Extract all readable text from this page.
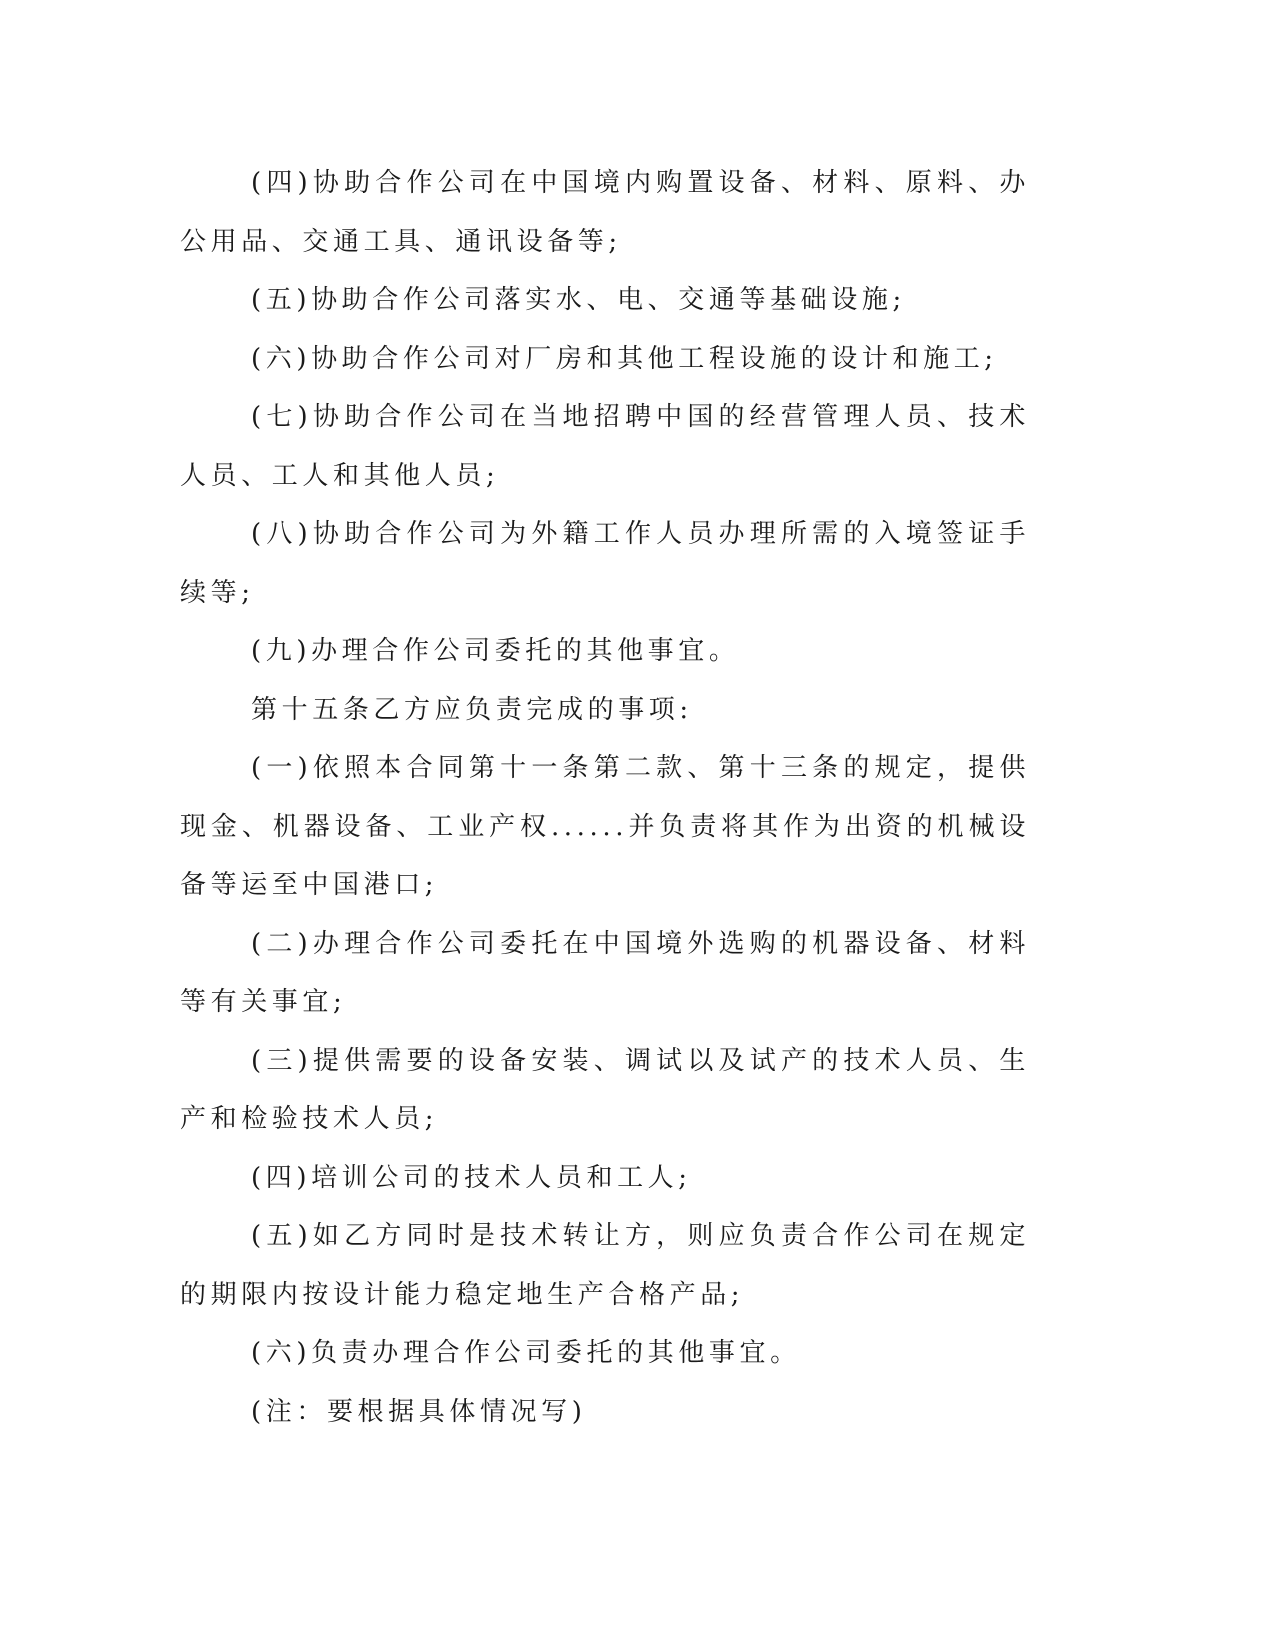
(四)协助合作公司在中国境内购置设备、材料、原料、办公用品、交通工具、通讯设备等;

(五)协助合作公司落实水、电、交通等基础设施;

(六)协助合作公司对厂房和其他工程设施的设计和施工;

(七)协助合作公司在当地招聘中国的经营管理人员、技术人员、工人和其他人员;

(八)协助合作公司为外籍工作人员办理所需的入境签证手续等;

(九)办理合作公司委托的其他事宜。

第十五条乙方应负责完成的事项:

(一)依照本合同第十一条第二款、第十三条的规定，提供现金、机器设备、工业产权......并负责将其作为出资的机械设备等运至中国港口;

(二)办理合作公司委托在中国境外选购的机器设备、材料等有关事宜;

(三)提供需要的设备安装、调试以及试产的技术人员、生产和检验技术人员;

(四)培训公司的技术人员和工人;

(五)如乙方同时是技术转让方，则应负责合作公司在规定的期限内按设计能力稳定地生产合格产品;

(六)负责办理合作公司委托的其他事宜。

(注：要根据具体情况写)
